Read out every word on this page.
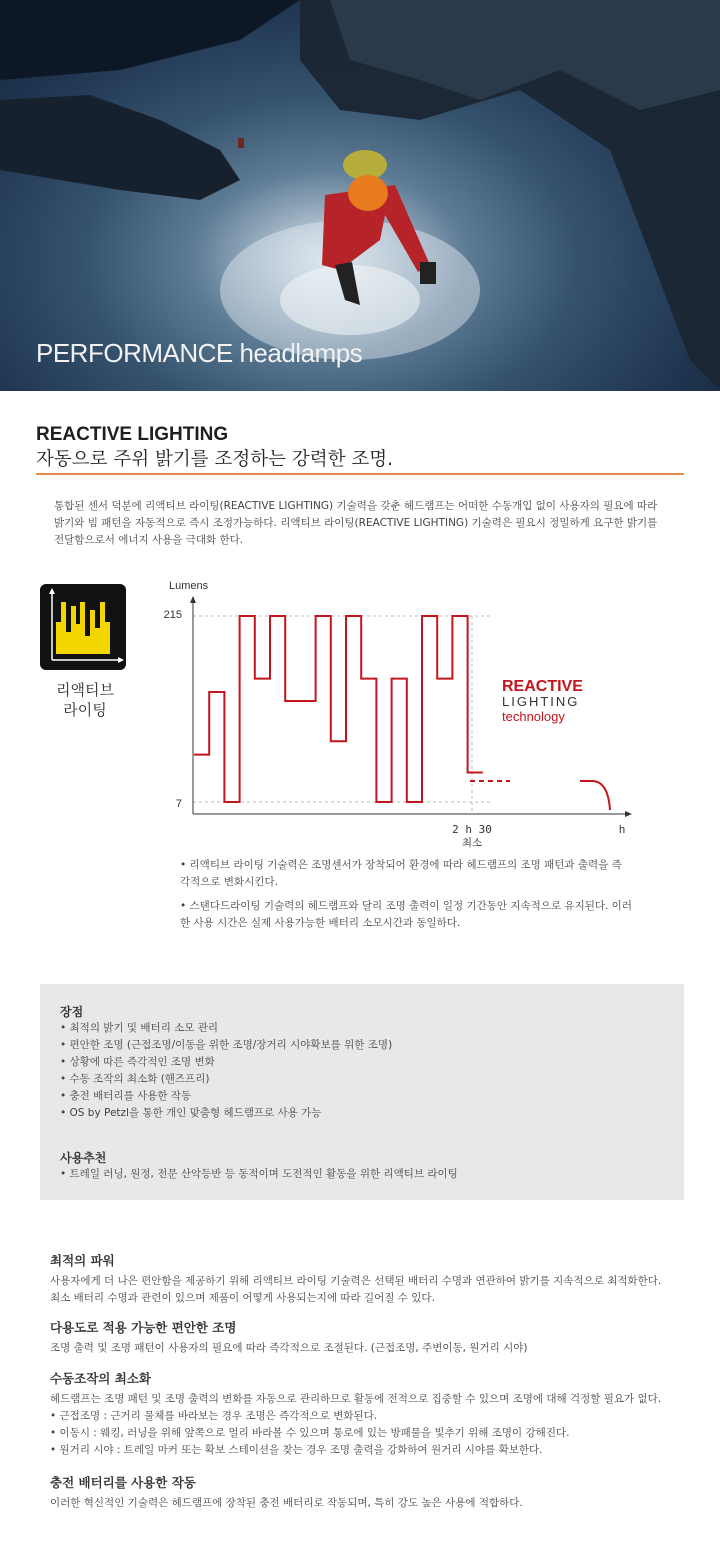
PERFORMANCE headlamps
REACTIVE LIGHTING
자동으로 주위 밝기를 조정하는 강력한 조명.

통합된 센서 덕분에 리액티브 라이팅(REACTIVE LIGHTING) 기술력을 갖춘 헤드램프는 어떠한 수동개입 없이 사용자의 필요에 따라
밝기와 빔 패턴을 자동적으로 즉시 조정가능하다. 리액티브 라이팅(REACTIVE LIGHTING) 기술력은 필요시 정밀하게 요구한 밝기를
전달함으로서 에너지 사용을 극대화 한다.

리액티브
라이팅
Lumens
215
7
2 h 30
최소
h
REACTIVE
LIGHTING
technology

• 리액티브 라이팅 기술력은 조명센서가 장착되어 환경에 따라 헤드램프의 조명 패턴과 출력을 즉
각적으로 변화시킨다.

• 스탠다드라이팅 기술력의 헤드램프와 달리 조명 출력이 일정 기간동안 지속적으로 유지된다. 이러
한 사용 시간은 실제 사용가능한 배터리 소모시간과 동일하다.

장점
• 최적의 밝기 및 배터리 소모 관리
• 편안한 조명 (근접조명/이동을 위한 조명/장거리 시야확보를 위한 조명)
• 상황에 따른 즉각적인 조명 변화
• 수동 조작의 최소화 (핸즈프리)
• 충전 배터리를 사용한 작동
• OS by Petzl을 통한 개인 맞춤형 헤드램프로 사용 가능
사용추천
• 트레일 러닝, 원정, 전문 산악등반 등 동적이며 도전적인 활동을 위한 리액티브 라이팅
최적의 파워

사용자에게 더 나은 편안함을 제공하기 위해 리액티브 라이팅 기술력은 선택된 배터리 수명과 연관하여 밝기를 지속적으로 최적화한다.
최소 배터리 수명과 관련이 있으며 제품이 어떻게 사용되는지에 따라 길어질 수 있다.

다용도로 적용 가능한 편안한 조명

조명 출력 및 조명 패턴이 사용자의 필요에 따라 즉각적으로 조절된다. (근접조명, 주변이동, 원거리 시야)

수동조작의 최소화

헤드램프는 조명 패턴 및 조명 출력의 변화를 자동으로 관리하므로 활동에 전적으로 집중할 수 있으며 조명에 대해 걱정할 필요가 없다.
• 근접조명 : 근거리 물체를 바라보는 경우 조명은 즉각적으로 변화된다.
• 이동시 : 웨킹, 러닝을 위해 앞쪽으로 멀리 바라볼 수 있으며 통로에 있는 방패물을 빛추기 위해 조명이 강해진다.
• 원거리 시야 : 트레일 마커 또는 확보 스테이션을 찾는 경우 조명 출력을 강화하여 원거리 시야를 확보한다.

충전 배터리를 사용한 작동

이러한 혁신적인 기술력은 헤드램프에 장착된 충전 배터리로 작동되며, 특히 강도 높은 사용에 적합하다.
